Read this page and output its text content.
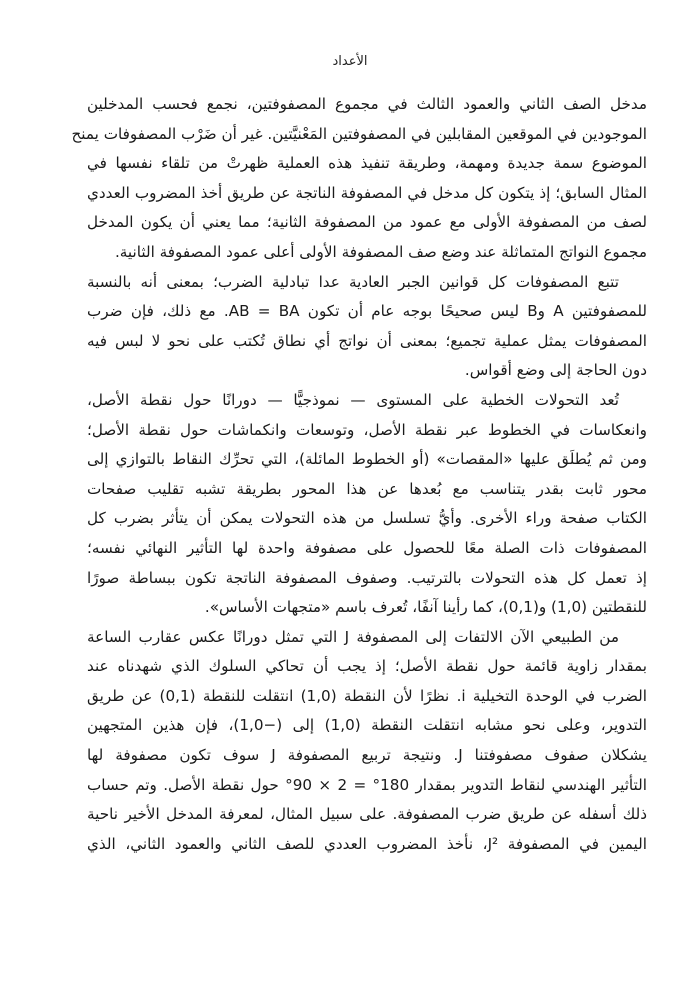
الأعداد
مدخل الصف الثاني والعمود الثالث في مجموع المصفوفتين، نجمع فحسب المدخلين
الموجودين في الموقعين المقابلين في المصفوفتين المَعْنيَّتين. غير أن ضَرْب المصفوفات يمنح
الموضوع سمة جديدة ومهمة، وطريقة تنفيذ هذه العملية ظهرتْ من تلقاء نفسها في
المثال السابق؛ إذ يتكون كل مدخل في المصفوفة الناتجة عن طريق أخذ المضروب العددي
لصف من المصفوفة الأولى مع عمود من المصفوفة الثانية؛ مما يعني أن يكون المدخل
مجموع النواتج المتماثلة عند وضع صف المصفوفة الأولى أعلى عمود المصفوفة الثانية.
تتبع المصفوفات كل قوانين الجبر العادية عدا تبادلية الضرب؛ بمعنى أنه بالنسبة
للمصفوفتين A وB ليس صحيحًا بوجه عام أن تكون AB = BA. مع ذلك، فإن ضرب
المصفوفات يمثل عملية تجميع؛ بمعنى أن نواتج أي نطاق تُكتب على نحو لا لبس فيه
دون الحاجة إلى وضع أقواس.
تُعد التحولات الخطية على المستوى — نموذجيًّا — دورانًا حول نقطة الأصل،
وانعكاسات في الخطوط عبر نقطة الأصل، وتوسعات وانكماشات حول نقطة الأصل؛
ومن ثم يُطلَق عليها «المقصات» (أو الخطوط المائلة)، التي تحرِّك النقاط بالتوازي إلى
محور ثابت بقدر يتناسب مع بُعدها عن هذا المحور بطريقة تشبه تقليب صفحات
الكتاب صفحة وراء الأخرى. وأيُّ تسلسل من هذه التحولات يمكن أن يتأثر بضرب كل
المصفوفات ذات الصلة معًا للحصول على مصفوفة واحدة لها التأثير النهائي نفسه؛
إذ تعمل كل هذه التحولات بالترتيب. وصفوف المصفوفة الناتجة تكون ببساطة صورًا
للنقطتين (1,0) و(0,1)، كما رأينا آنفًا، تُعرف باسم «متجهات الأساس».
من الطبيعي الآن الالتفات إلى المصفوفة J التي تمثل دورانًا عكس عقارب الساعة
بمقدار زاوية قائمة حول نقطة الأصل؛ إذ يجب أن تحاكي السلوك الذي شهدناه عند
الضرب في الوحدة التخيلية i. نظرًا لأن النقطة (1,0) انتقلت للنقطة (0,1) عن طريق
التدوير، وعلى نحو مشابه انتقلت النقطة (1,0) إلى (−1,0)، فإن هذين المتجهين
يشكلان صفوف مصفوفتنا J. ونتيجة تربيع المصفوفة J سوف تكون مصفوفة لها
التأثير الهندسي لنقاط التدوير بمقدار 180° = 2 × 90° حول نقطة الأصل. وتم حساب
ذلك أسفله عن طريق ضرب المصفوفة. على سبيل المثال، لمعرفة المدخل الأخير ناحية
اليمين في المصفوفة J²، نأخذ المضروب العددي للصف الثاني والعمود الثاني، الذي
